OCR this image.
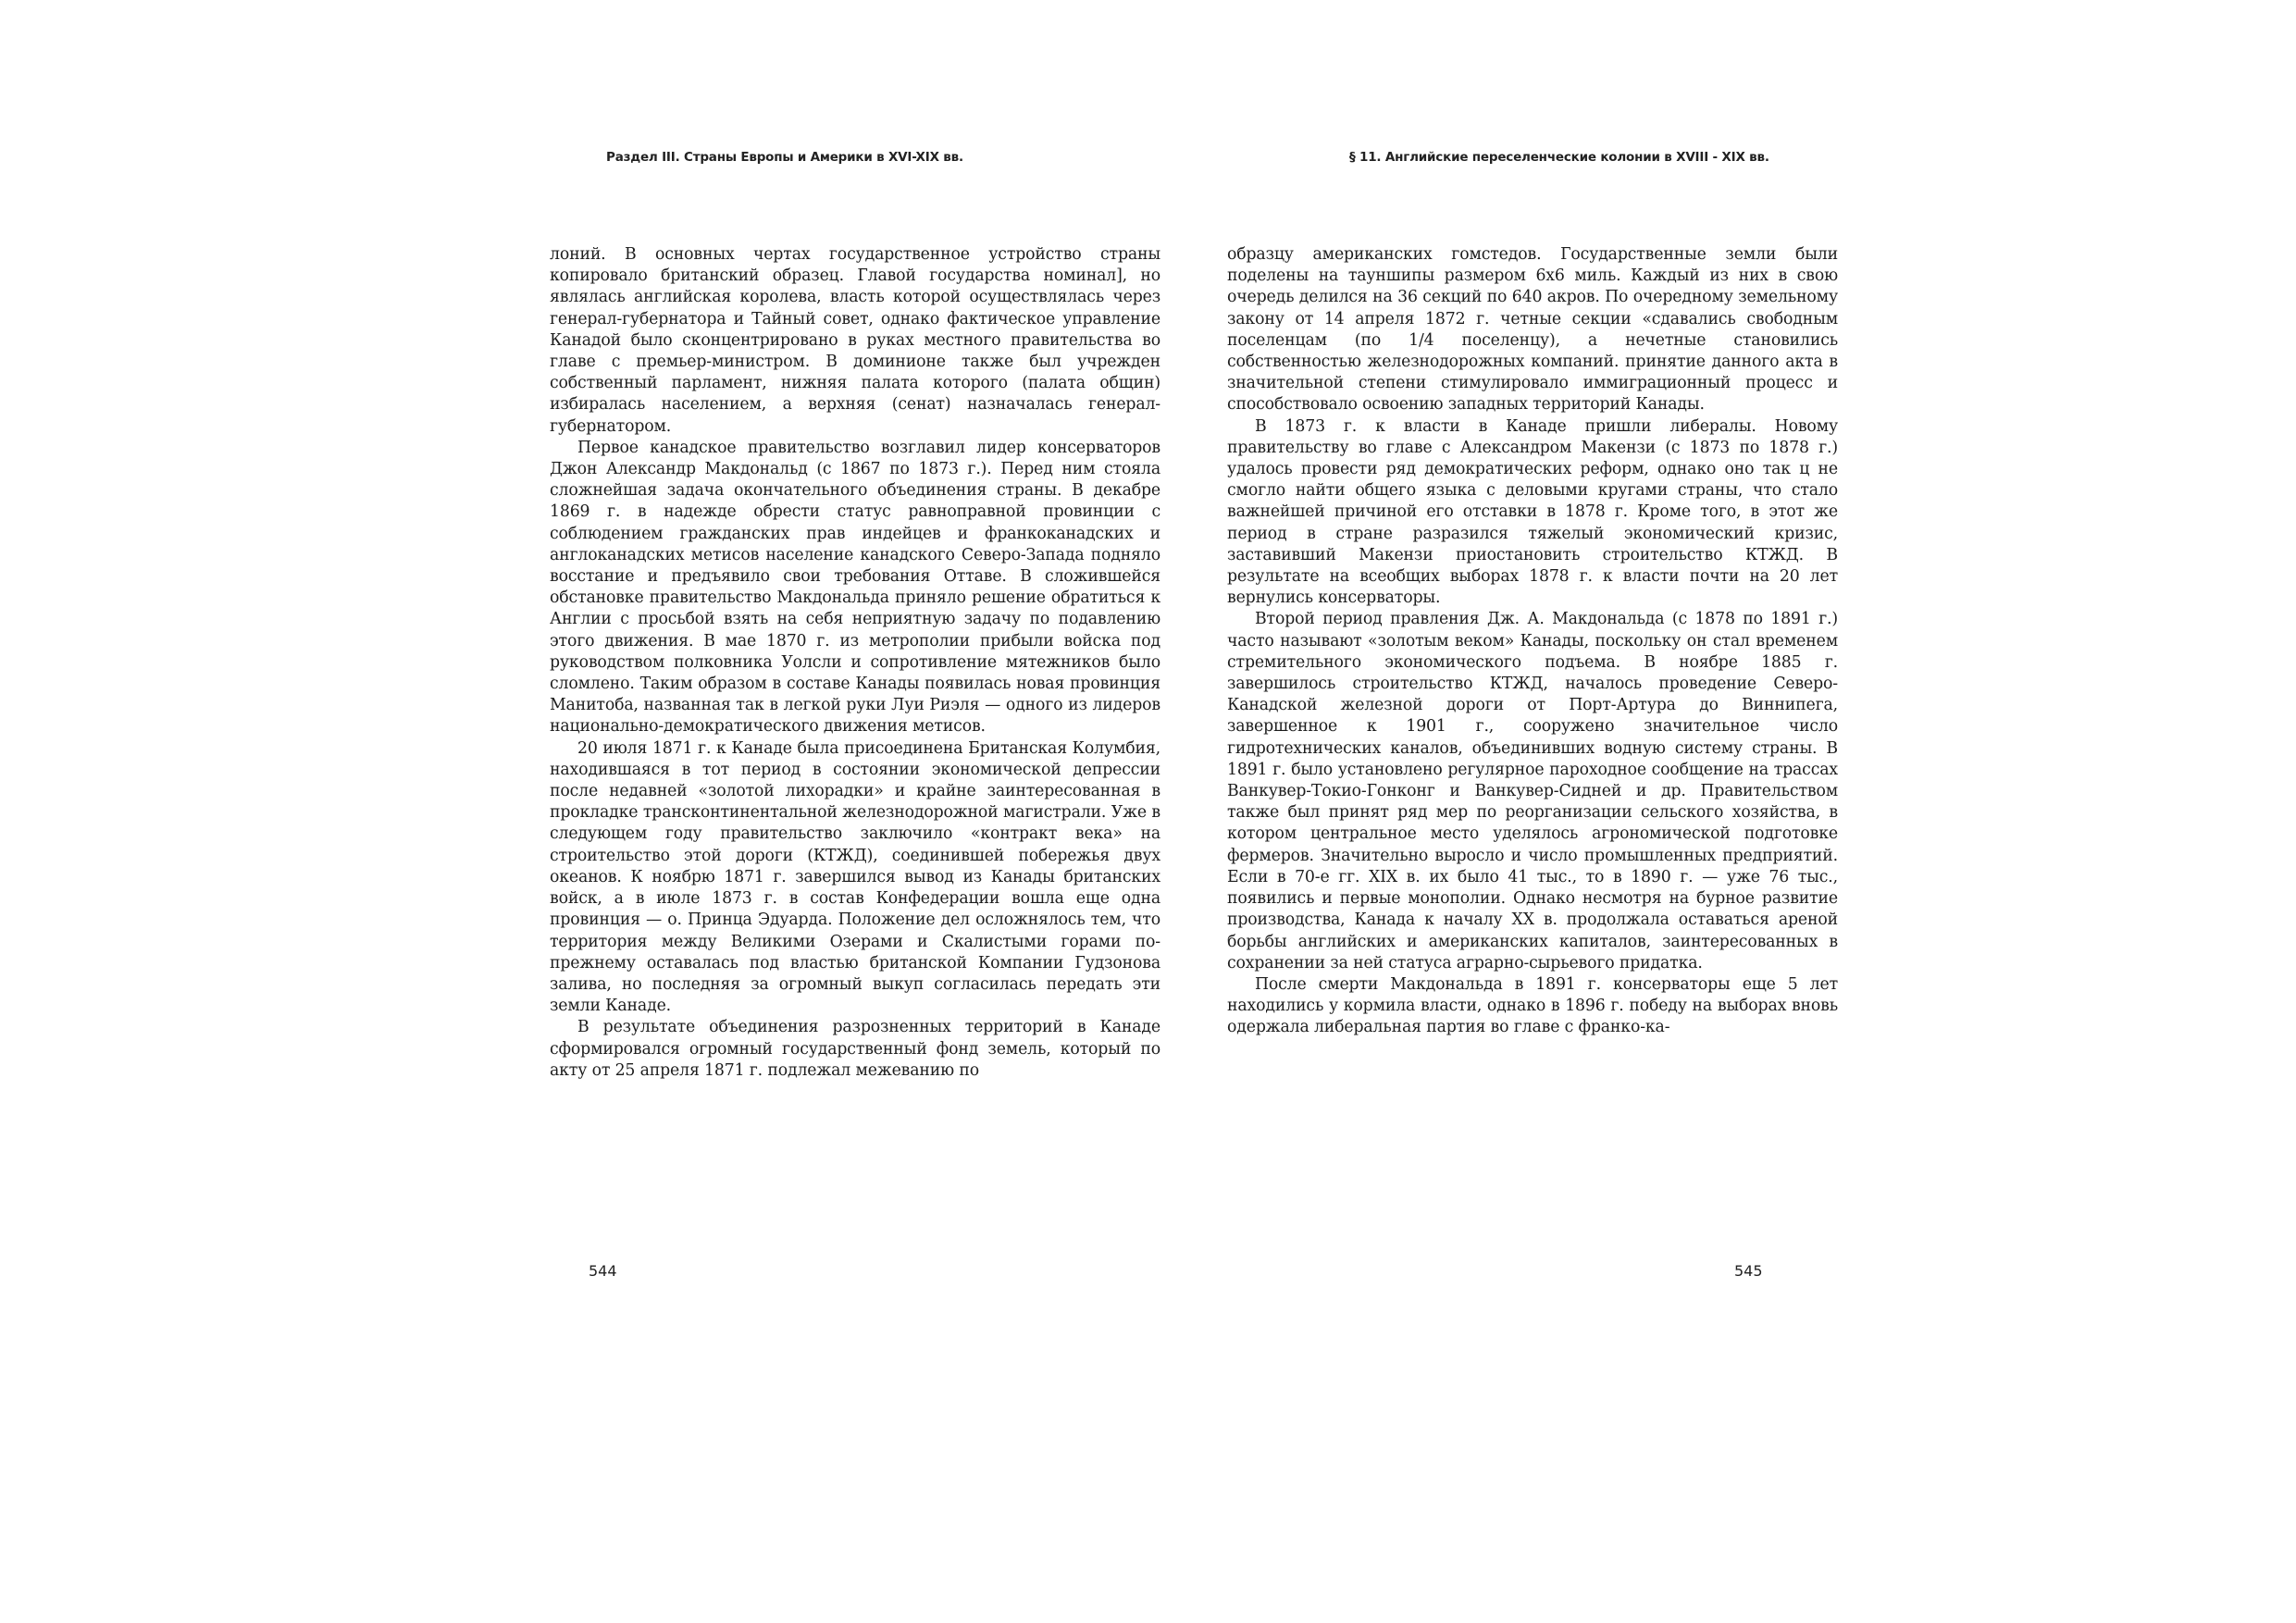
Раздел III. Страны Европы и Америки в XVI-XIX вв.

лоний. В основных чертах государственное устройство страны копировало британский образец. Главой государства номинал], но являлась английская королева, власть которой осуществлялась через генерал-губернатора и Тайный совет, однако фактическое управление Канадой было сконцентрировано в руках местного правительства во главе с премьер-министром. В доминионе также был учрежден собственный парламент, нижняя палата которого (палата общин) избиралась населением, а верхняя (сенат) назначалась генерал-губернатором.

Первое канадское правительство возглавил лидер консерваторов Джон Александр Макдональд (с 1867 по 1873 г.). Перед ним стояла сложнейшая задача окончательного объединения страны. В декабре 1869 г. в надежде обрести статус равноправной провинции с соблюдением гражданских прав индейцев и франкоканадских и англоканадских метисов население канадского Северо-Запада подняло восстание и предъявило свои требования Оттаве. В сложившейся обстановке правительство Макдональда приняло решение обратиться к Англии с просьбой взять на себя неприятную задачу по подавлению этого движения. В мае 1870 г. из метрополии прибыли войска под руководством полковника Уолсли и сопротивление мятежников было сломлено. Таким образом в составе Канады появилась новая провинция Манитоба, названная так в легкой руки Луи Риэля — одного из лидеров национально-демократического движения метисов.

20 июля 1871 г. к Канаде была присоединена Британская Колумбия, находившаяся в тот период в состоянии экономической депрессии после недавней «золотой лихорадки» и крайне заинтересованная в прокладке трансконтинентальной железнодорожной магистрали. Уже в следующем году правительство заключило «контракт века» на строительство этой дороги (КТЖД), соединившей побережья двух океанов. К ноябрю 1871 г. завершился вывод из Канады британских войск, а в июле 1873 г. в состав Конфедерации вошла еще одна провинция — о. Принца Эдуарда. Положение дел осложнялось тем, что территория между Великими Озерами и Скалистыми горами по-прежнему оставалась под властью британской Компании Гудзонова залива, но последняя за огромный выкуп согласилась передать эти земли Канаде.

В результате объединения разрозненных территорий в Канаде сформировался огромный государственный фонд земель, который по акту от 25 апреля 1871 г. подлежал межеванию по

544
§ 11. Английские переселенческие колонии в XVIII - XIX вв.

образцу американских гомстедов. Государственные земли были поделены на тауншипы размером 6х6 миль. Каждый из них в свою очередь делился на 36 секций по 640 акров. По очередному земельному закону от 14 апреля 1872 г. четные секции «сдавались свободным поселенцам (по 1/4 поселенцу), а нечетные становились собственностью железнодорожных компаний. принятие данного акта в значительной степени стимулировало иммиграционный процесс и способствовало освоению западных территорий Канады.

В 1873 г. к власти в Канаде пришли либералы. Новому правительству во главе с Александром Макензи (с 1873 по 1878 г.) удалось провести ряд демократических реформ, однако оно так ц не смогло найти общего языка с деловыми кругами страны, что стало важнейшей причиной его отставки в 1878 г. Кроме того, в этот же период в стране разразился тяжелый экономический кризис, заставивший Макензи приостановить строительство КТЖД. В результате на всеобщих выборах 1878 г. к власти почти на 20 лет вернулись консерваторы.

Второй период правления Дж. А. Макдональда (с 1878 по 1891 г.) часто называют «золотым веком» Канады, поскольку он стал временем стремительного экономического подъема. В ноябре 1885 г. завершилось строительство КТЖД, началось проведение Северо-Канадской железной дороги от Порт-Артура до Виннипега, завершенное к 1901 г., сооружено значительное число гидротехнических каналов, объединивших водную систему страны. В 1891 г. было установлено регулярное пароходное сообщение на трассах Ванкувер-Токио-Гонконг и Ванкувер-Сидней и др. Правительством также был принят ряд мер по реорганизации сельского хозяйства, в котором центральное место уделялось агрономической подготовке фермеров. Значительно выросло и число промышленных предприятий. Если в 70-е гг. XIX в. их было 41 тыс., то в 1890 г. — уже 76 тыс., появились и первые монополии. Однако несмотря на бурное развитие производства, Канада к началу XX в. продолжала оставаться ареной борьбы английских и американских капиталов, заинтересованных в сохранении за ней статуса аграрно-сырьевого придатка.

После смерти Макдональда в 1891 г. консерваторы еще 5 лет находились у кормила власти, однако в 1896 г. победу на выборах вновь одержала либеральная партия во главе с франко-ка-

545
